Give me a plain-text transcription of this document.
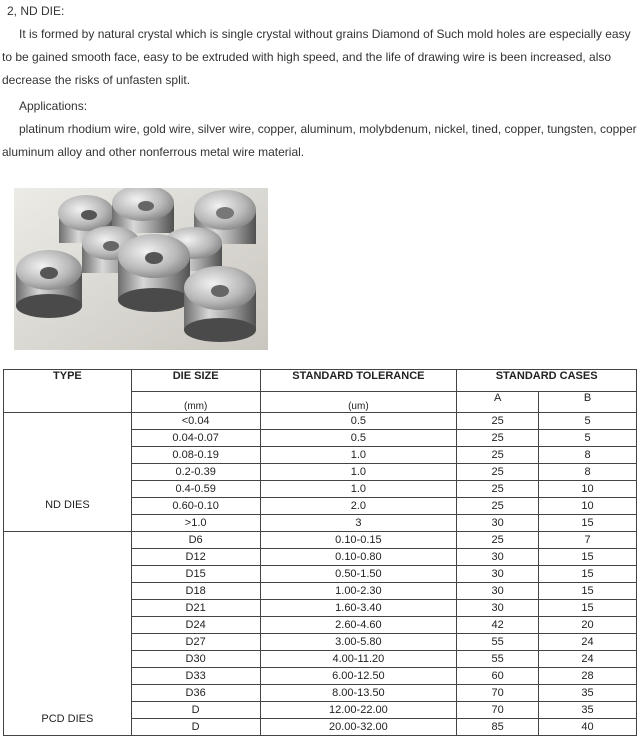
2, ND DIE:
It is formed by natural crystal which is single crystal without grains Diamond of Such mold holes are especially easy to be gained smooth face, easy to be extruded with high speed, and the life of drawing wire is been increased, also decrease the risks of unfasten split.
Applications:
platinum rhodium wire, gold wire, silver wire, copper, aluminum, molybdenum, nickel, tined, copper, tungsten, copper aluminum alloy and other nonferrous metal wire material.
TYPE	DIE SIZE	STANDARD TOLERANCE	STANDARD CASES	
	(mm)	(um)	A	B
ND DIES	<0.04	0.5	25	5
	0.04-0.07	0.5	25	5
	0.08-0.19	1.0	25	8
	0.2-0.39	1.0	25	8
	0.4-0.59	1.0	25	10
	0.60-0.10	2.0	25	10
	>1.0	3	30	15
PCD DIES	D6	0.10-0.15	25	7
	D12	0.10-0.80	30	15
	D15	0.50-1.50	30	15
	D18	1.00-2.30	30	15
	D21	1.60-3.40	30	15
	D24	2.60-4.60	42	20
	D27	3.00-5.80	55	24
	D30	4.00-11.20	55	24
	D33	6.00-12.50	60	28
	D36	8.00-13.50	70	35
	D	12.00-22.00	70	35
	D	20.00-32.00	85	40
